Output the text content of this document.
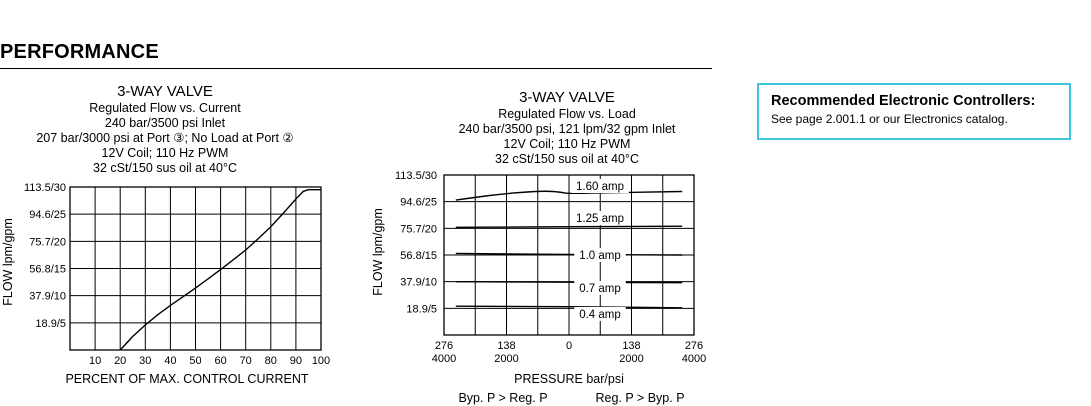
PERFORMANCE
3-WAY VALVE
Regulated Flow vs. Current
240 bar/3500 psi Inlet
207 bar/3000 psi at Port ③; No Load at Port ②
12V Coil; 110 Hz PWM
32 cSt/150 sus oil at 40°C
18.9/5
37.9/10
56.8/15
75.7/20
94.6/25
113.5/30
10 20 30 40 50 60 70 80 90 100
PERCENT OF MAX. CONTROL CURRENT
FLOW lpm/gpm
3-WAY VALVE
Regulated Flow vs. Load
240 bar/3500 psi, 121 lpm/32 gpm Inlet
12V Coil; 110 Hz PWM
32 cSt/150 sus oil at 40°C
18.9/5
37.9/10
56.8/15
75.7/20
94.6/25
113.5/30
276
4000
138
2000
0	138
2000
276
4000
PRESSURE bar/psi
FLOW lpm/gpm
Byp. P > Reg. P	Reg. P > Byp. P
1.60 amp
1.25 amp
1.0 amp
0.7 amp
0.4 amp
Recommended Electronic Controllers:
See page 2.001.1 or our Electronics catalog.
